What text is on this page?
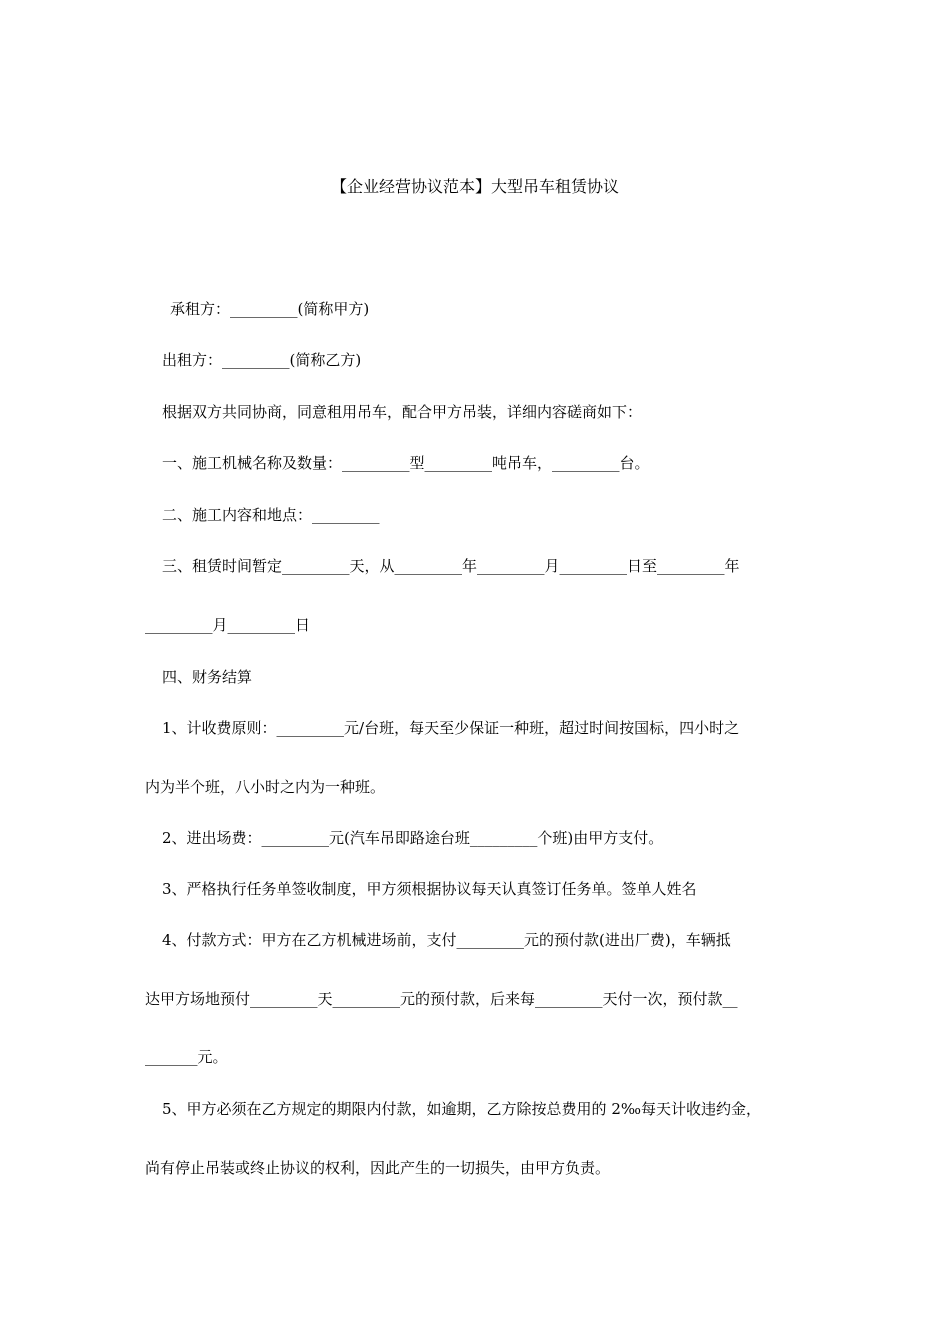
【企业经营协议范本】大型吊车租赁协议
承租方：_________(简称甲方)
出租方：_________(简称乙方)
根据双方共同协商，同意租用吊车，配合甲方吊装，详细内容磋商如下：
一、施工机械名称及数量：_________型_________吨吊车，_________台。
二、施工内容和地点：_________
三、租赁时间暂定_________天，从_________年_________月_________日至_________年
_________月_________日
四、财务结算
1、计收费原则：_________元/台班，每天至少保证一种班，超过时间按国标，四小时之
内为半个班，八小时之内为一种班。
2、进出场费：_________元(汽车吊即路途台班_________个班)由甲方支付。
3、严格执行任务单签收制度，甲方须根据协议每天认真签订任务单。签单人姓名
4、付款方式：甲方在乙方机械进场前，支付_________元的预付款(进出厂费)，车辆抵
达甲方场地预付_________天_________元的预付款，后来每_________天付一次，预付款__
_______元。
5、甲方必须在乙方规定的期限内付款，如逾期，乙方除按总费用的 2‰每天计收违约金，
尚有停止吊装或终止协议的权利，因此产生的一切损失，由甲方负责。
